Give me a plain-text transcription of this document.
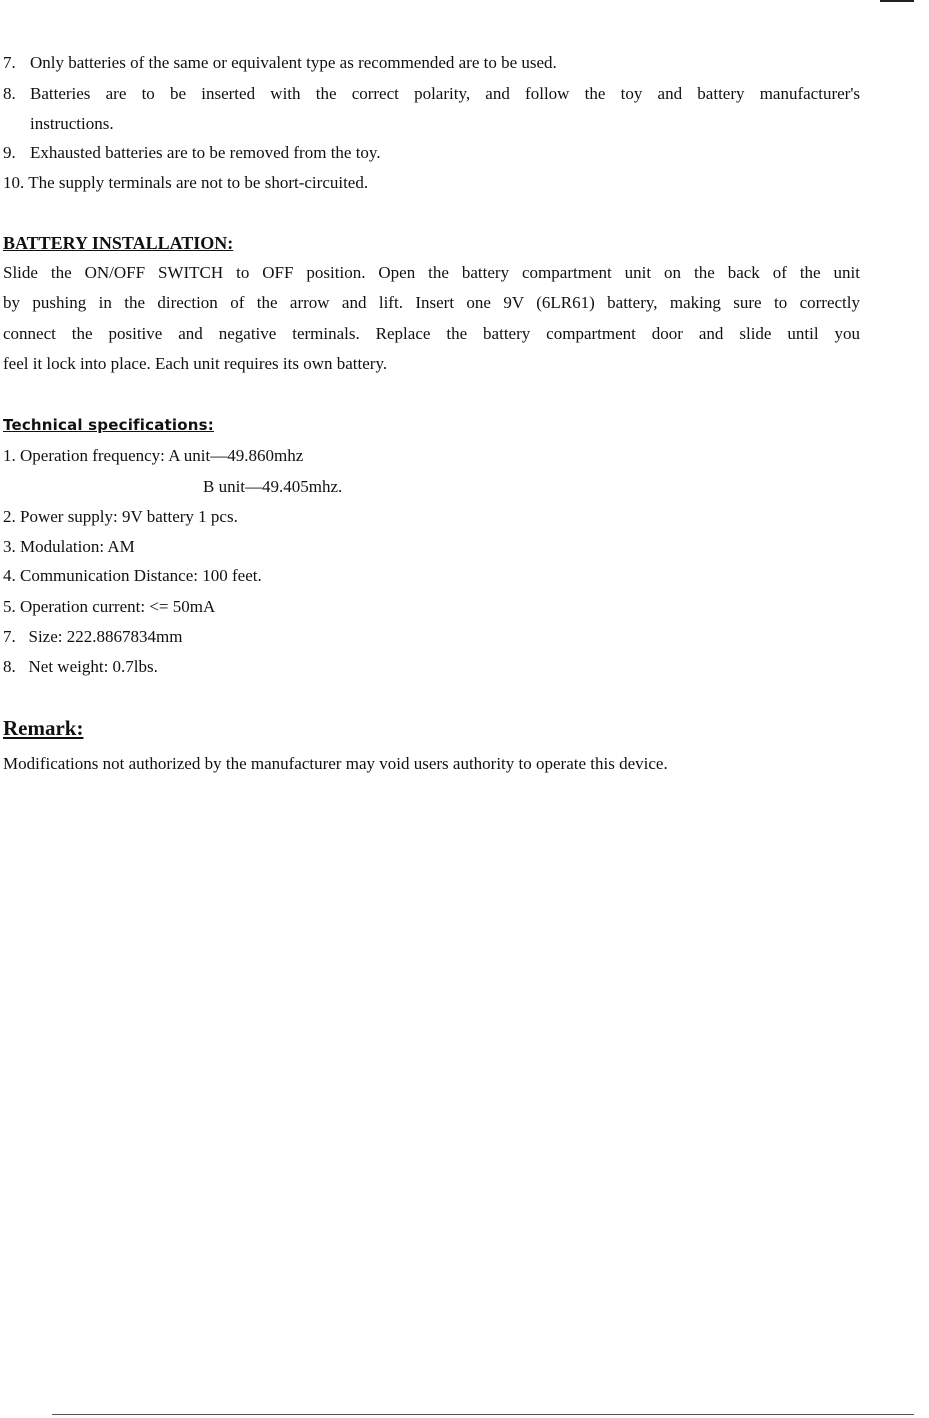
7. Only batteries of the same or equivalent type as recommended are to be used.
8. Batteries are to be inserted with the correct polarity, and follow the toy and battery manufacturer's
instructions.
9. Exhausted batteries are to be removed from the toy.
10. The supply terminals are not to be short-circuited.
BATTERY INSTALLATION:
Slide the ON/OFF SWITCH to OFF position. Open the battery compartment unit on the back of the unit
by pushing in the direction of the arrow and lift. Insert one 9V (6LR61) battery, making sure to correctly
connect the positive and negative terminals. Replace the battery compartment door and slide until you
feel it lock into place. Each unit requires its own battery.
Technical specifications:
1. Operation frequency: A unit—49.860mhz
B unit—49.405mhz.
2. Power supply: 9V battery 1 pcs.
3. Modulation: AM
4. Communication Distance: 100 feet.
5. Operation current: <= 50mA
7.   Size: 222.8867834mm
8.   Net weight: 0.7lbs.
Remark:
Modifications not authorized by the manufacturer may void users authority to operate this device.
